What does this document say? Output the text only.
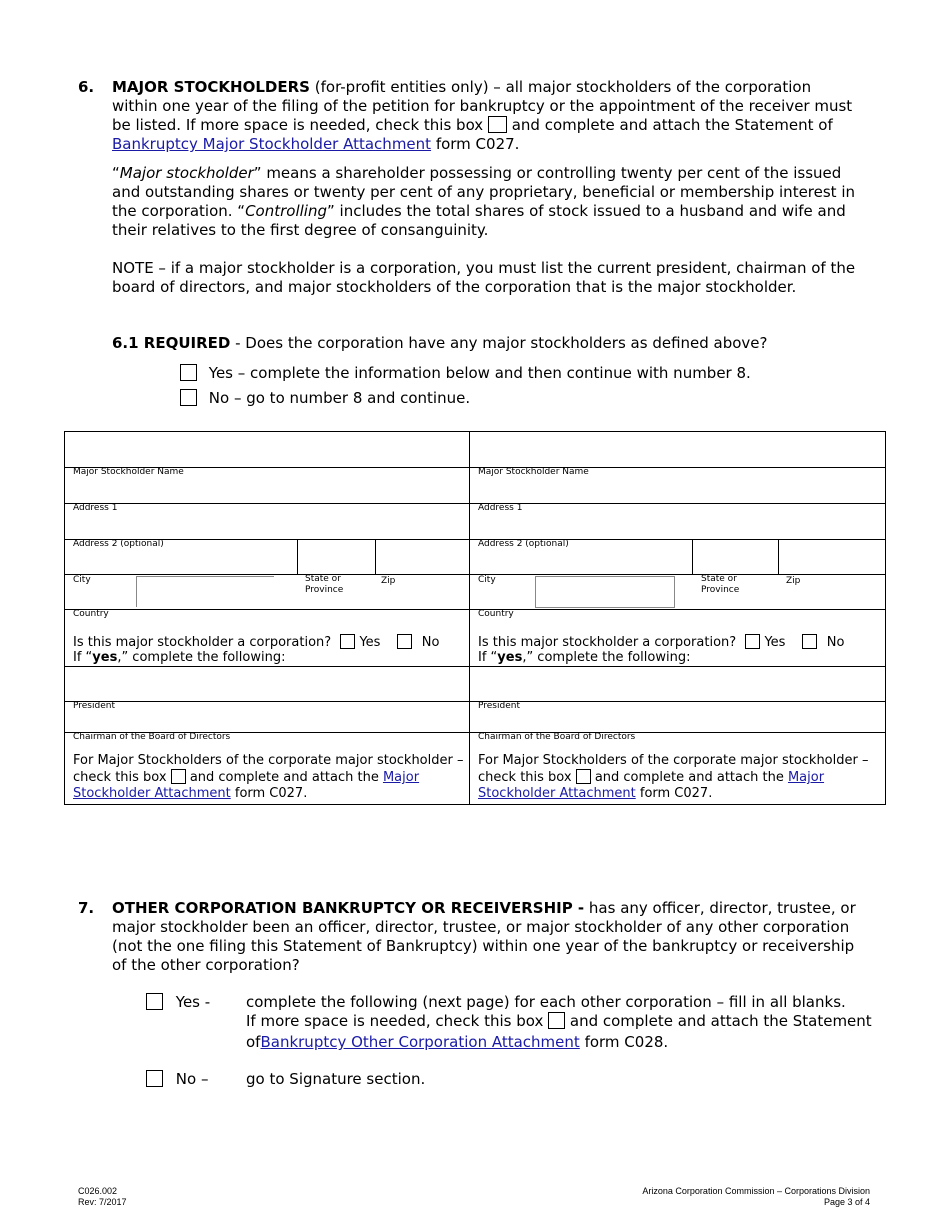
6. MAJOR STOCKHOLDERS (for-profit entities only) – all major stockholders of the corporation
within one year of the filing of the petition for bankruptcy or the appointment of the receiver must
be listed. If more space is needed, check this box  and complete and attach the Statement of
Bankruptcy Major Stockholder Attachment form C027.
“Major stockholder” means a shareholder possessing or controlling twenty per cent of the issued
and outstanding shares or twenty per cent of any proprietary, beneficial or membership interest in
the corporation. “Controlling” includes the total shares of stock issued to a husband and wife and
their relatives to the first degree of consanguinity.
NOTE – if a major stockholder is a corporation, you must list the current president, chairman of the
board of directors, and major stockholders of the corporation that is the major stockholder.
6.1 REQUIRED - Does the corporation have any major stockholders as defined above?
Yes – complete the information below and then continue with number 8.
No – go to number 8 and continue.
Major Stockholder Name
Address 1
Address 2 (optional)
City	State or
Province
Zip
Country
Is this major stockholder a corporation? Yes	No
If “yes,” complete the following:
President
Chairman of the Board of Directors
For Major Stockholders of the corporate major stockholder –
check this box  and complete and attach the Major
Stockholder Attachment form C027.
Major Stockholder Name
Address 1
Address 2 (optional)
City	State or
Province
Zip
Country
Is this major stockholder a corporation? Yes	No
If “yes,” complete the following:
President
Chairman of the Board of Directors
For Major Stockholders of the corporate major stockholder –
check this box  and complete and attach the Major
Stockholder Attachment form C027.
7. OTHER CORPORATION BANKRUPTCY OR RECEIVERSHIP - has any officer, director, trustee, or
major stockholder been an officer, director, trustee, or major stockholder of any other corporation
(not the one filing this Statement of Bankruptcy) within one year of the bankruptcy or receivership
of the other corporation?
Yes - complete the following (next page) for each other corporation – fill in all blanks.
If more space is needed, check this box  and complete and attach the Statement
ofBankruptcy Other Corporation Attachment form C028.
No –	go to Signature section.
C026.002
Rev: 7/2017
Arizona Corporation Commission – Corporations Division
Page 3 of 4
